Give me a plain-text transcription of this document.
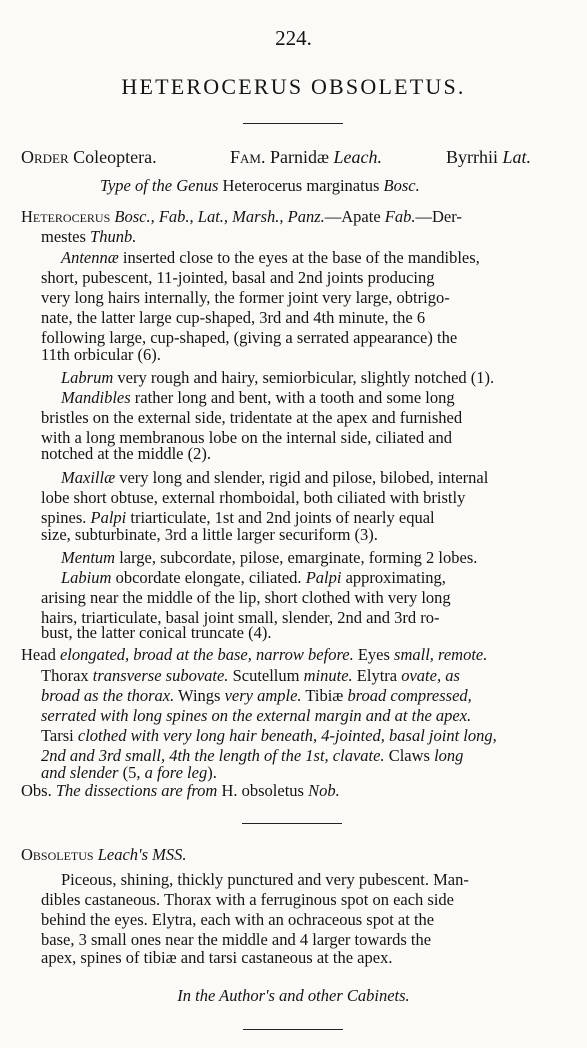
224.
HETEROCERUS OBSOLETUS.
Order Coleoptera.	Fam. Parnidæ Leach.	Byrrhii Lat.
Type of the Genus Heterocerus marginatus Bosc.
Heterocerus Bosc., Fab., Lat., Marsh., Panz.—Apate Fab.—Der-
mestes Thunb.
Antennæ inserted close to the eyes at the base of the mandibles,
short, pubescent, 11-jointed, basal and 2nd joints producing
very long hairs internally, the former joint very large, obtrigo-
nate, the latter large cup-shaped, 3rd and 4th minute, the 6
following large, cup-shaped, (giving a serrated appearance) the
11th orbicular (6).
Labrum very rough and hairy, semiorbicular, slightly notched (1).
Mandibles rather long and bent, with a tooth and some long
bristles on the external side, tridentate at the apex and furnished
with a long membranous lobe on the internal side, ciliated and
notched at the middle (2).
Maxillæ very long and slender, rigid and pilose, bilobed, internal
lobe short obtuse, external rhomboidal, both ciliated with bristly
spines. Palpi triarticulate, 1st and 2nd joints of nearly equal
size, subturbinate, 3rd a little larger securiform (3).
Mentum large, subcordate, pilose, emarginate, forming 2 lobes.
Labium obcordate elongate, ciliated. Palpi approximating,
arising near the middle of the lip, short clothed with very long
hairs, triarticulate, basal joint small, slender, 2nd and 3rd ro-
bust, the latter conical truncate (4).
Head elongated, broad at the base, narrow before. Eyes small, remote.
Thorax transverse subovate. Scutellum minute. Elytra ovate, as
broad as the thorax. Wings very ample. Tibiæ broad compressed,
serrated with long spines on the external margin and at the apex.
Tarsi clothed with very long hair beneath, 4-jointed, basal joint long,
2nd and 3rd small, 4th the length of the 1st, clavate. Claws long
and slender (5, a fore leg).
Obs. The dissections are from H. obsoletus Nob.
Obsoletus Leach's MSS.
Piceous, shining, thickly punctured and very pubescent. Man-
dibles castaneous. Thorax with a ferruginous spot on each side
behind the eyes. Elytra, each with an ochraceous spot at the
base, 3 small ones near the middle and 4 larger towards the
apex, spines of tibiæ and tarsi castaneous at the apex.
In the Author's and other Cabinets.
